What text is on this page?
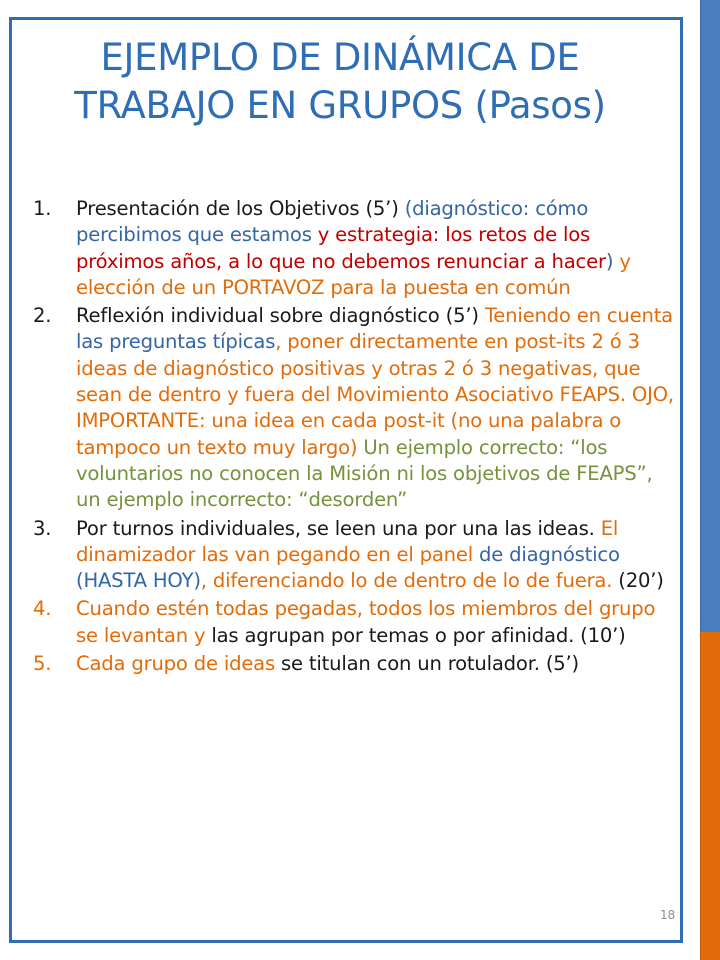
EJEMPLO DE DINÁMICA DE
TRABAJO EN GRUPOS (Pasos)
1. Presentación de los Objetivos (5’) (diagnóstico: cómo percibimos que estamos y estrategia: los retos de los próximos años, a lo que no debemos renunciar a hacer) y elección de un PORTAVOZ para la puesta en común
2. Reflexión individual sobre diagnóstico (5’) Teniendo en cuenta las preguntas típicas, poner directamente en post-its 2 ó 3 ideas de diagnóstico positivas y otras 2 ó 3 negativas, que sean de dentro y fuera del Movimiento Asociativo FEAPS. OJO, IMPORTANTE: una idea en cada post-it (no una palabra o tampoco un texto muy largo) Un ejemplo correcto: “los voluntarios no conocen la Misión ni los objetivos de FEAPS”, un ejemplo incorrecto: “desorden”
3. Por turnos individuales, se leen una por una las ideas. El dinamizador las van pegando en el panel de diagnóstico (HASTA HOY), diferenciando lo de dentro de lo de fuera. (20’)
4. Cuando estén todas pegadas, todos los miembros del grupo se levantan y las agrupan por temas o por afinidad. (10’)
5. Cada grupo de ideas se titulan con un rotulador. (5’)
18
